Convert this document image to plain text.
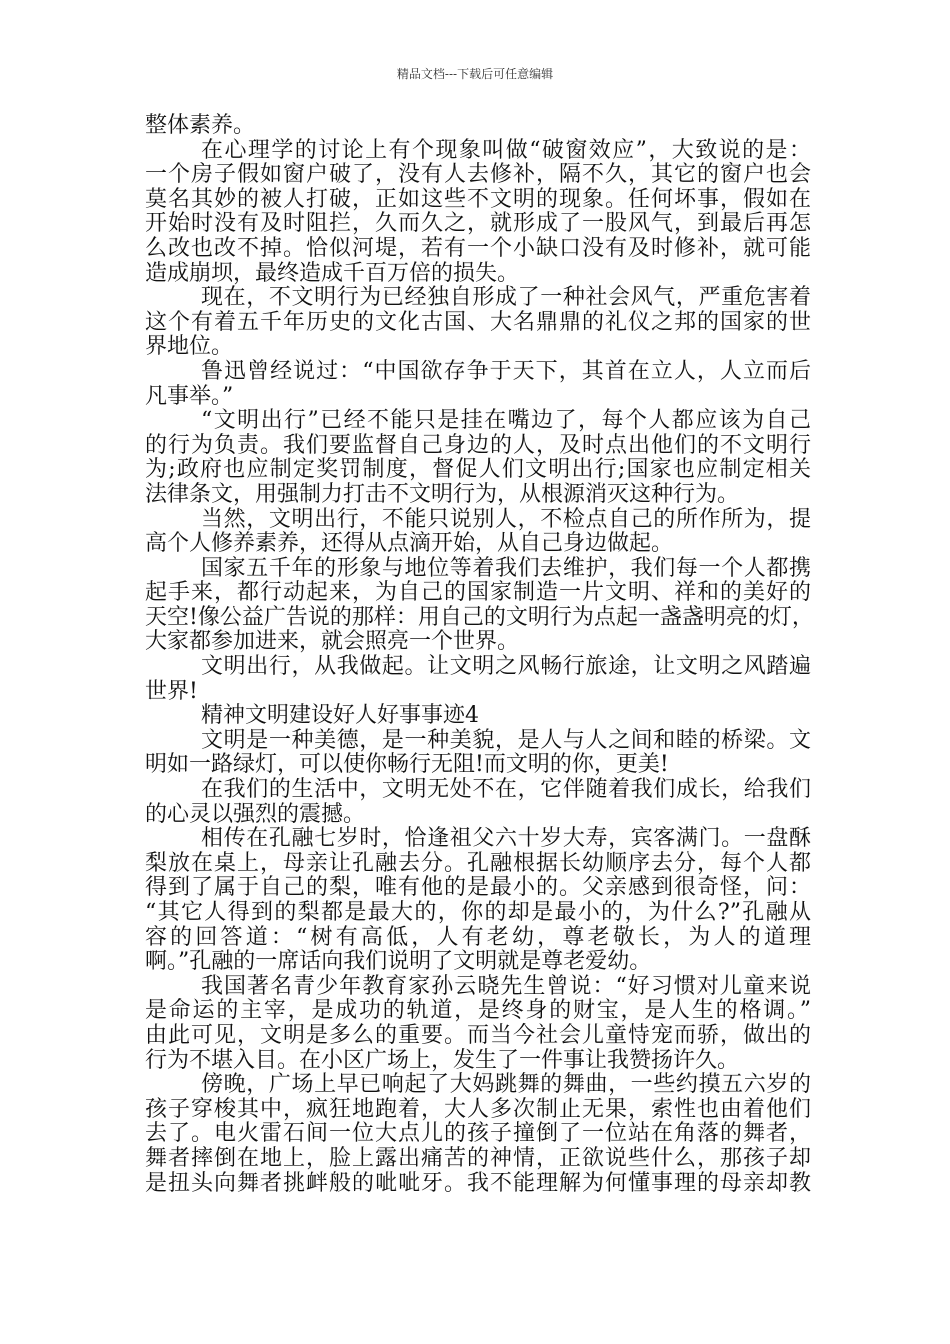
精品文档---下载后可任意编辑
整体素养。
在心理学的讨论上有个现象叫做“破窗效应”，大致说的是：
一个房子假如窗户破了，没有人去修补，隔不久，其它的窗户也会
莫名其妙的被人打破，正如这些不文明的现象。任何坏事，假如在
开始时没有及时阻拦，久而久之，就形成了一股风气，到最后再怎
么改也改不掉。恰似河堤，若有一个小缺口没有及时修补，就可能
造成崩坝，最终造成千百万倍的损失。
现在，不文明行为已经独自形成了一种社会风气，严重危害着
这个有着五千年历史的文化古国、大名鼎鼎的礼仪之邦的国家的世
界地位。
鲁迅曾经说过：“中国欲存争于天下，其首在立人，人立而后
凡事举。”
“文明出行”已经不能只是挂在嘴边了，每个人都应该为自己
的行为负责。我们要监督自己身边的人，及时点出他们的不文明行
为;政府也应制定奖罚制度，督促人们文明出行;国家也应制定相关
法律条文，用强制力打击不文明行为，从根源消灭这种行为。
当然，文明出行，不能只说别人，不检点自己的所作所为，提
高个人修养素养，还得从点滴开始，从自己身边做起。
国家五千年的形象与地位等着我们去维护，我们每一个人都携
起手来，都行动起来，为自己的国家制造一片文明、祥和的美好的
天空!像公益广告说的那样：用自己的文明行为点起一盏盏明亮的灯，
大家都参加进来，就会照亮一个世界。
文明出行，从我做起。让文明之风畅行旅途，让文明之风踏遍
世界!
精神文明建设好人好事事迹4
文明是一种美德，是一种美貌，是人与人之间和睦的桥梁。文
明如一路绿灯，可以使你畅行无阻!而文明的你，更美!
在我们的生活中，文明无处不在，它伴随着我们成长，给我们
的心灵以强烈的震撼。
相传在孔融七岁时，恰逢祖父六十岁大寿，宾客满门。一盘酥
梨放在桌上，母亲让孔融去分。孔融根据长幼顺序去分，每个人都
得到了属于自己的梨，唯有他的是最小的。父亲感到很奇怪，问：
“其它人得到的梨都是最大的，你的却是最小的，为什么?”孔融从
容的回答道：“树有高低，人有老幼，尊老敬长，为人的道理
啊。”孔融的一席话向我们说明了文明就是尊老爱幼。
我国著名青少年教育家孙云晓先生曾说：“好习惯对儿童来说
是命运的主宰，是成功的轨道，是终身的财宝，是人生的格调。”
由此可见，文明是多么的重要。而当今社会儿童恃宠而骄，做出的
行为不堪入目。在小区广场上，发生了一件事让我赞扬许久。
傍晚，广场上早已响起了大妈跳舞的舞曲，一些约摸五六岁的
孩子穿梭其中，疯狂地跑着，大人多次制止无果，索性也由着他们
去了。电火雷石间一位大点儿的孩子撞倒了一位站在角落的舞者，
舞者摔倒在地上，脸上露出痛苦的神情，正欲说些什么，那孩子却
是扭头向舞者挑衅般的呲呲牙。我不能理解为何懂事理的母亲却教
